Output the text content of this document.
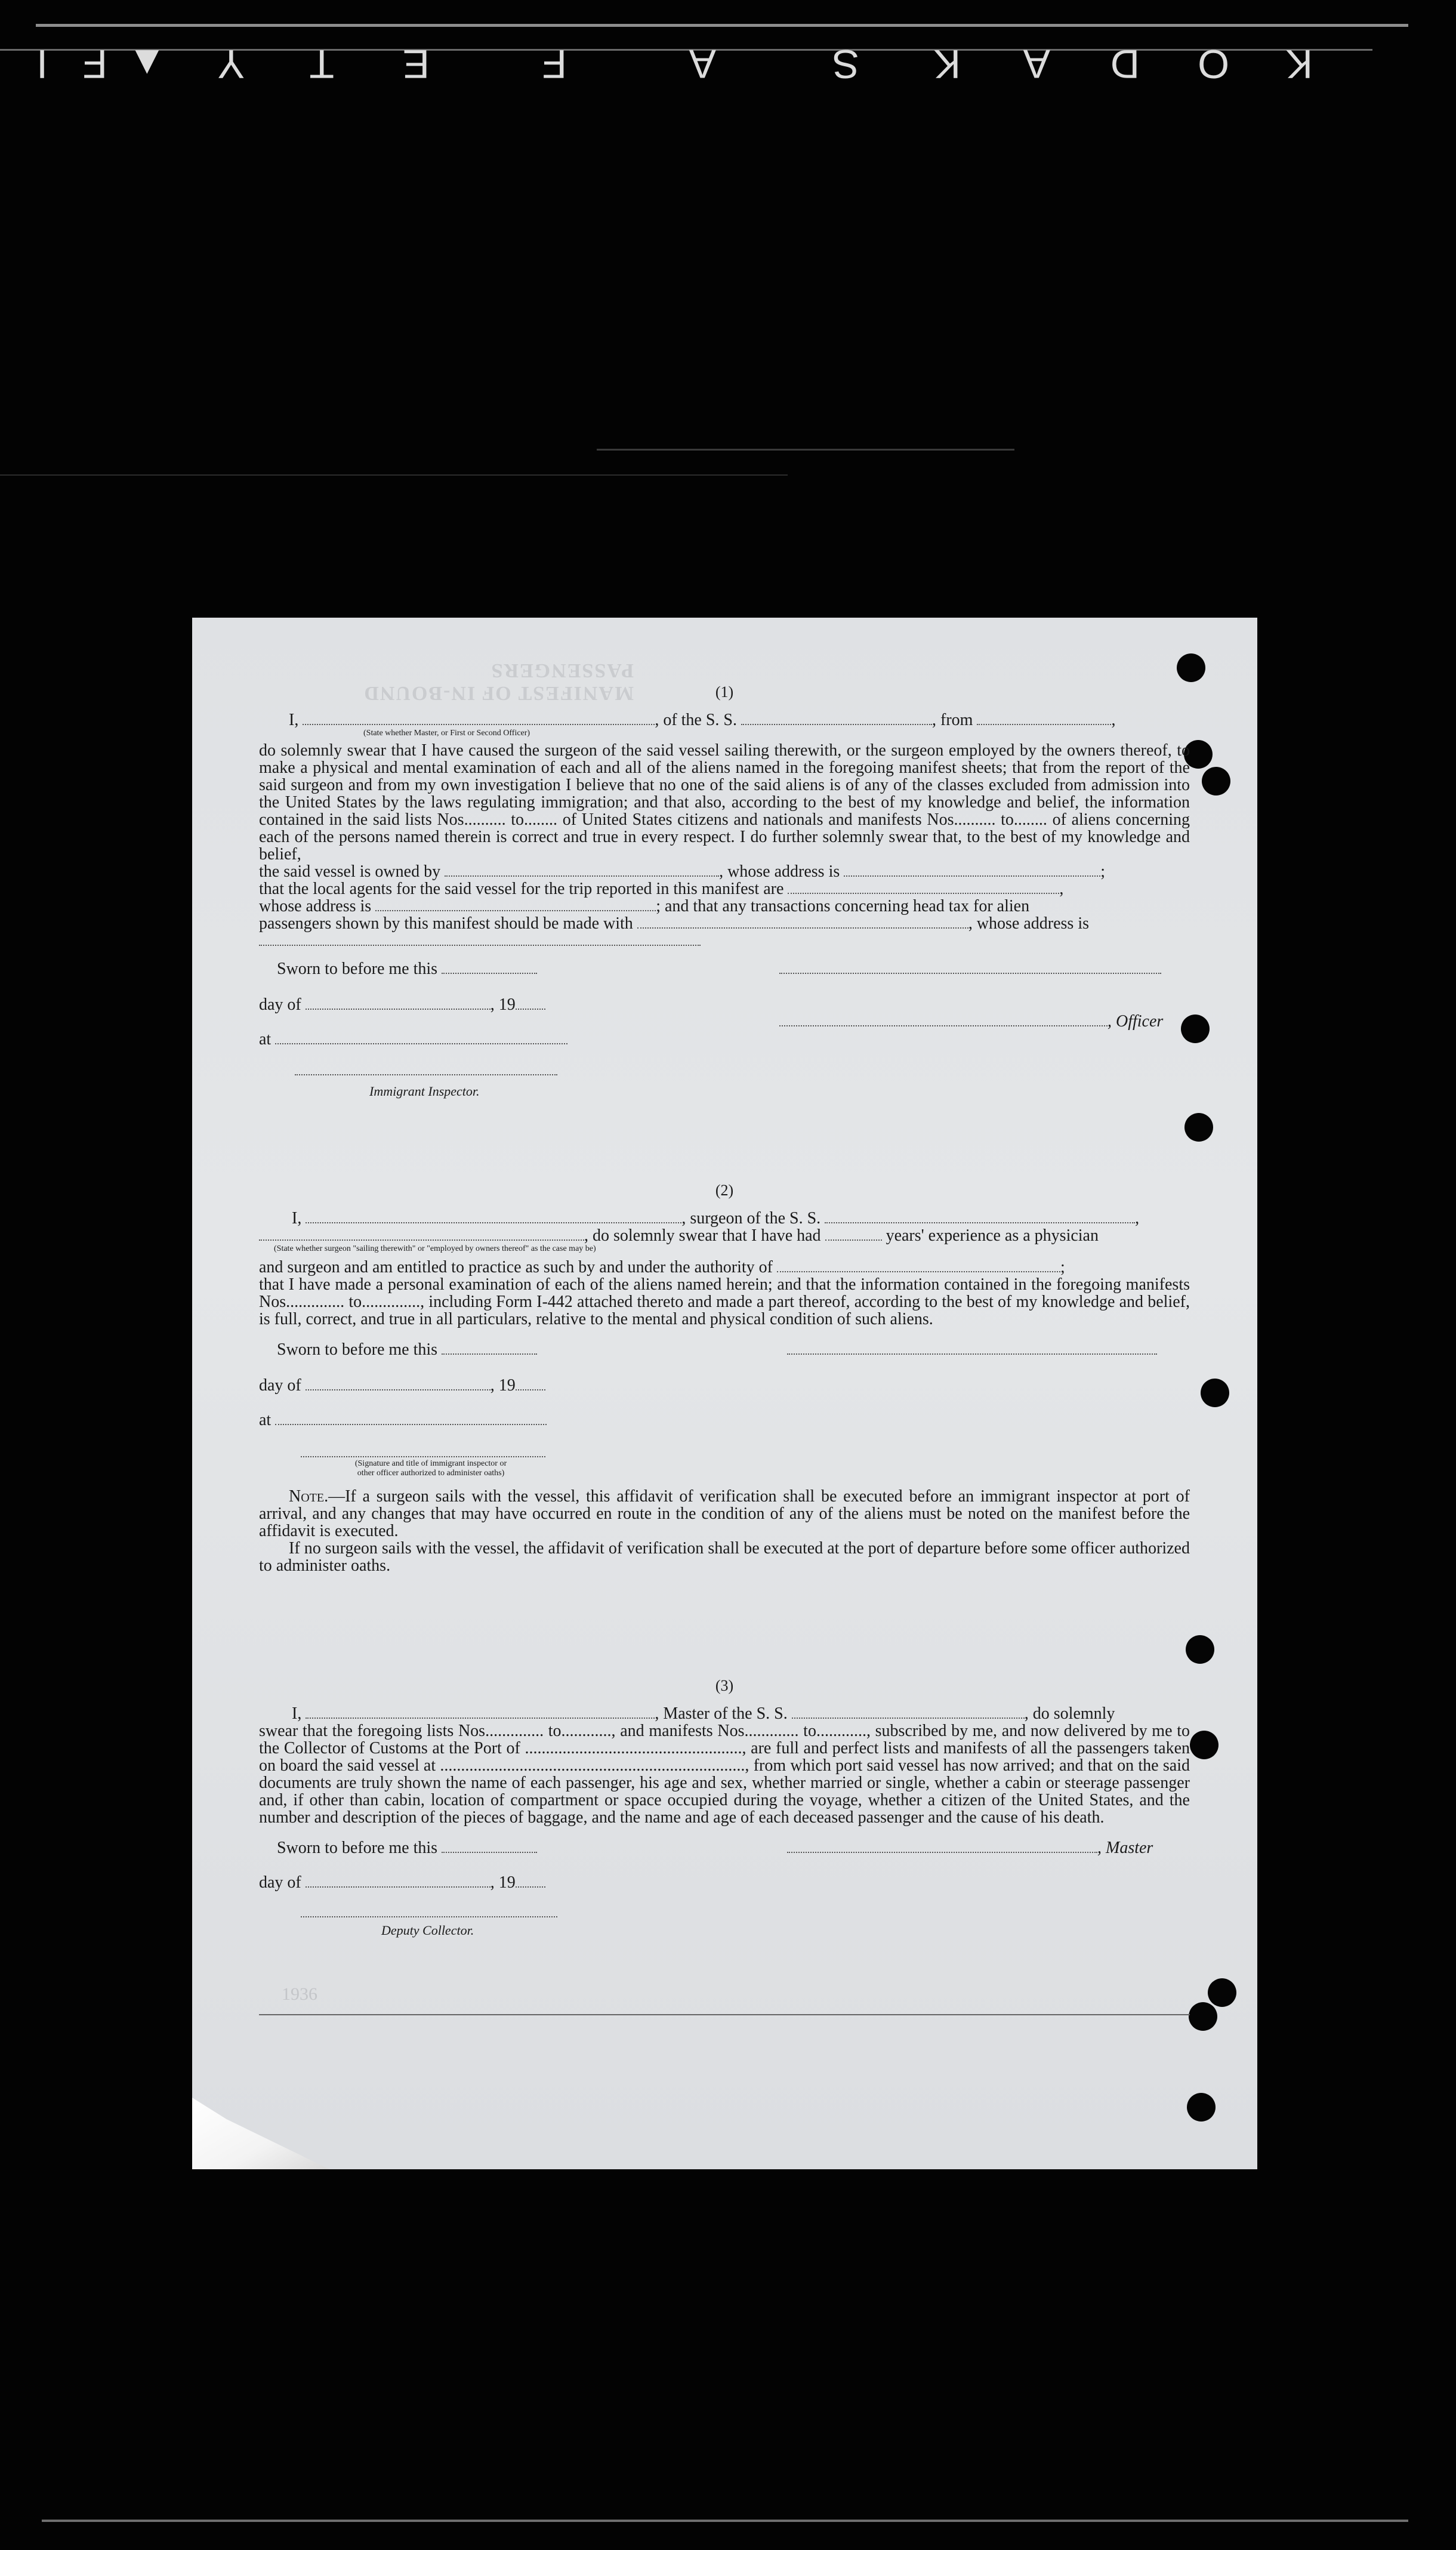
K
O
D
A
K
S
A
F
E
T
Y
▲
F
I
MANIFEST OF IN-BOUND PASSENGERS
1936
(1)
I,	, of the S. S.	, from	,
(State whether Master, or First or Second Officer)
do solemnly swear that I have caused the surgeon of the said vessel sailing therewith, or the surgeon employed by the owners thereof, to make a physical and mental examination of each and all of the aliens named in the foregoing manifest sheets; that from the report of the said surgeon and from my own investigation I believe that no one of the said aliens is of any of the classes excluded from admission into the United States by the laws regulating immigration; and that also, according to the best of my knowledge and belief, the information contained in the said lists Nos.......... to........ of United States citizens and nationals and manifests Nos.......... to........ of aliens concerning each of the persons named therein is correct and true in every respect. I do further solemnly swear that, to the best of my knowledge and belief,
the said vessel is owned by	, whose address is	;
that the local agents for the said vessel for the trip reported in this manifest are	,
whose address is	; and that any transactions concerning head tax for alien
passengers shown by this manifest should be made with	, whose address is
Sworn to before me this
day of	, 19
, Officer
at
Immigrant Inspector.
(2)
I,	, surgeon of the S. S.	,
, do solemnly swear that I have had	years' experience as a physician
(State whether surgeon "sailing therewith" or "employed by owners thereof" as the case may be)
and surgeon and am entitled to practice as such by and under the authority of	;
that I have made a personal examination of each of the aliens named herein; and that the information contained in the foregoing manifests Nos.............. to.............., including Form I-442 attached thereto and made a part thereof, according to the best of my knowledge and belief, is full, correct, and true in all particulars, relative to the mental and physical condition of such aliens.
Sworn to before me this
day of	, 19
at
(Signature and title of immigrant inspector or
other officer authorized to administer oaths)
Note.—If a surgeon sails with the vessel, this affidavit of verification shall be executed before an immigrant inspector at port of arrival, and any changes that may have occurred en route in the condition of any of the aliens must be noted on the manifest before the affidavit is executed.
If no surgeon sails with the vessel, the affidavit of verification shall be executed at the port of departure before some officer authorized to administer oaths.
(3)
I,	, Master of the S. S.	, do solemnly
swear that the foregoing lists Nos.............. to............, and manifests Nos............. to............, subscribed by me, and now delivered by me to the Collector of Customs at the Port of ...................................................., are full and perfect lists and manifests of all the passengers taken on board the said vessel at ........................................................................., from which port said vessel has now arrived; and that on the said documents are truly shown the name of each passenger, his age and sex, whether married or single, whether a cabin or steerage passenger and, if other than cabin, location of compartment or space occupied during the voyage, whether a citizen of the United States, and the number and description of the pieces of baggage, and the name and age of each deceased passenger and the cause of his death.
Sworn to before me this	, Master
day of	, 19
Deputy Collector.
